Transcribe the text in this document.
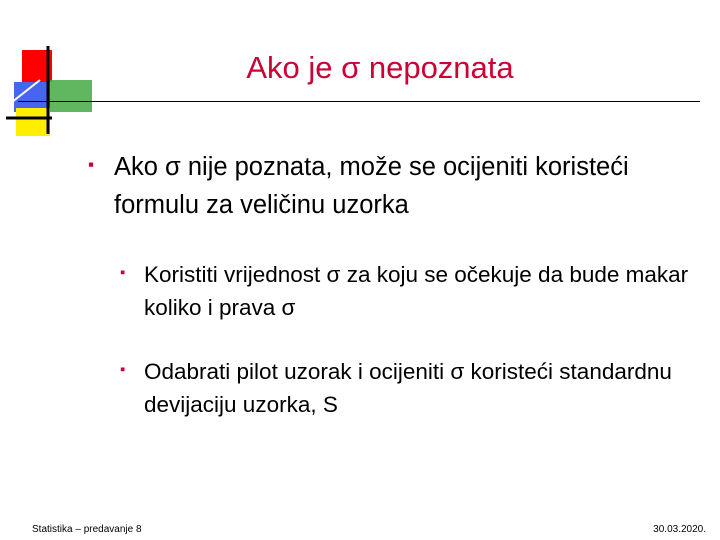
Ako je σ nepoznata
▪ Ako σ nije poznata, može se ocijeniti koristeći formulu za veličinu uzorka
▪ Koristiti vrijednost σ za koju se očekuje da bude makar koliko i prava σ
▪ Odabrati pilot uzorak i ocijeniti σ koristeći standardnu devijaciju uzorka, S
Statistika – predavanje 8	30.03.2020.
